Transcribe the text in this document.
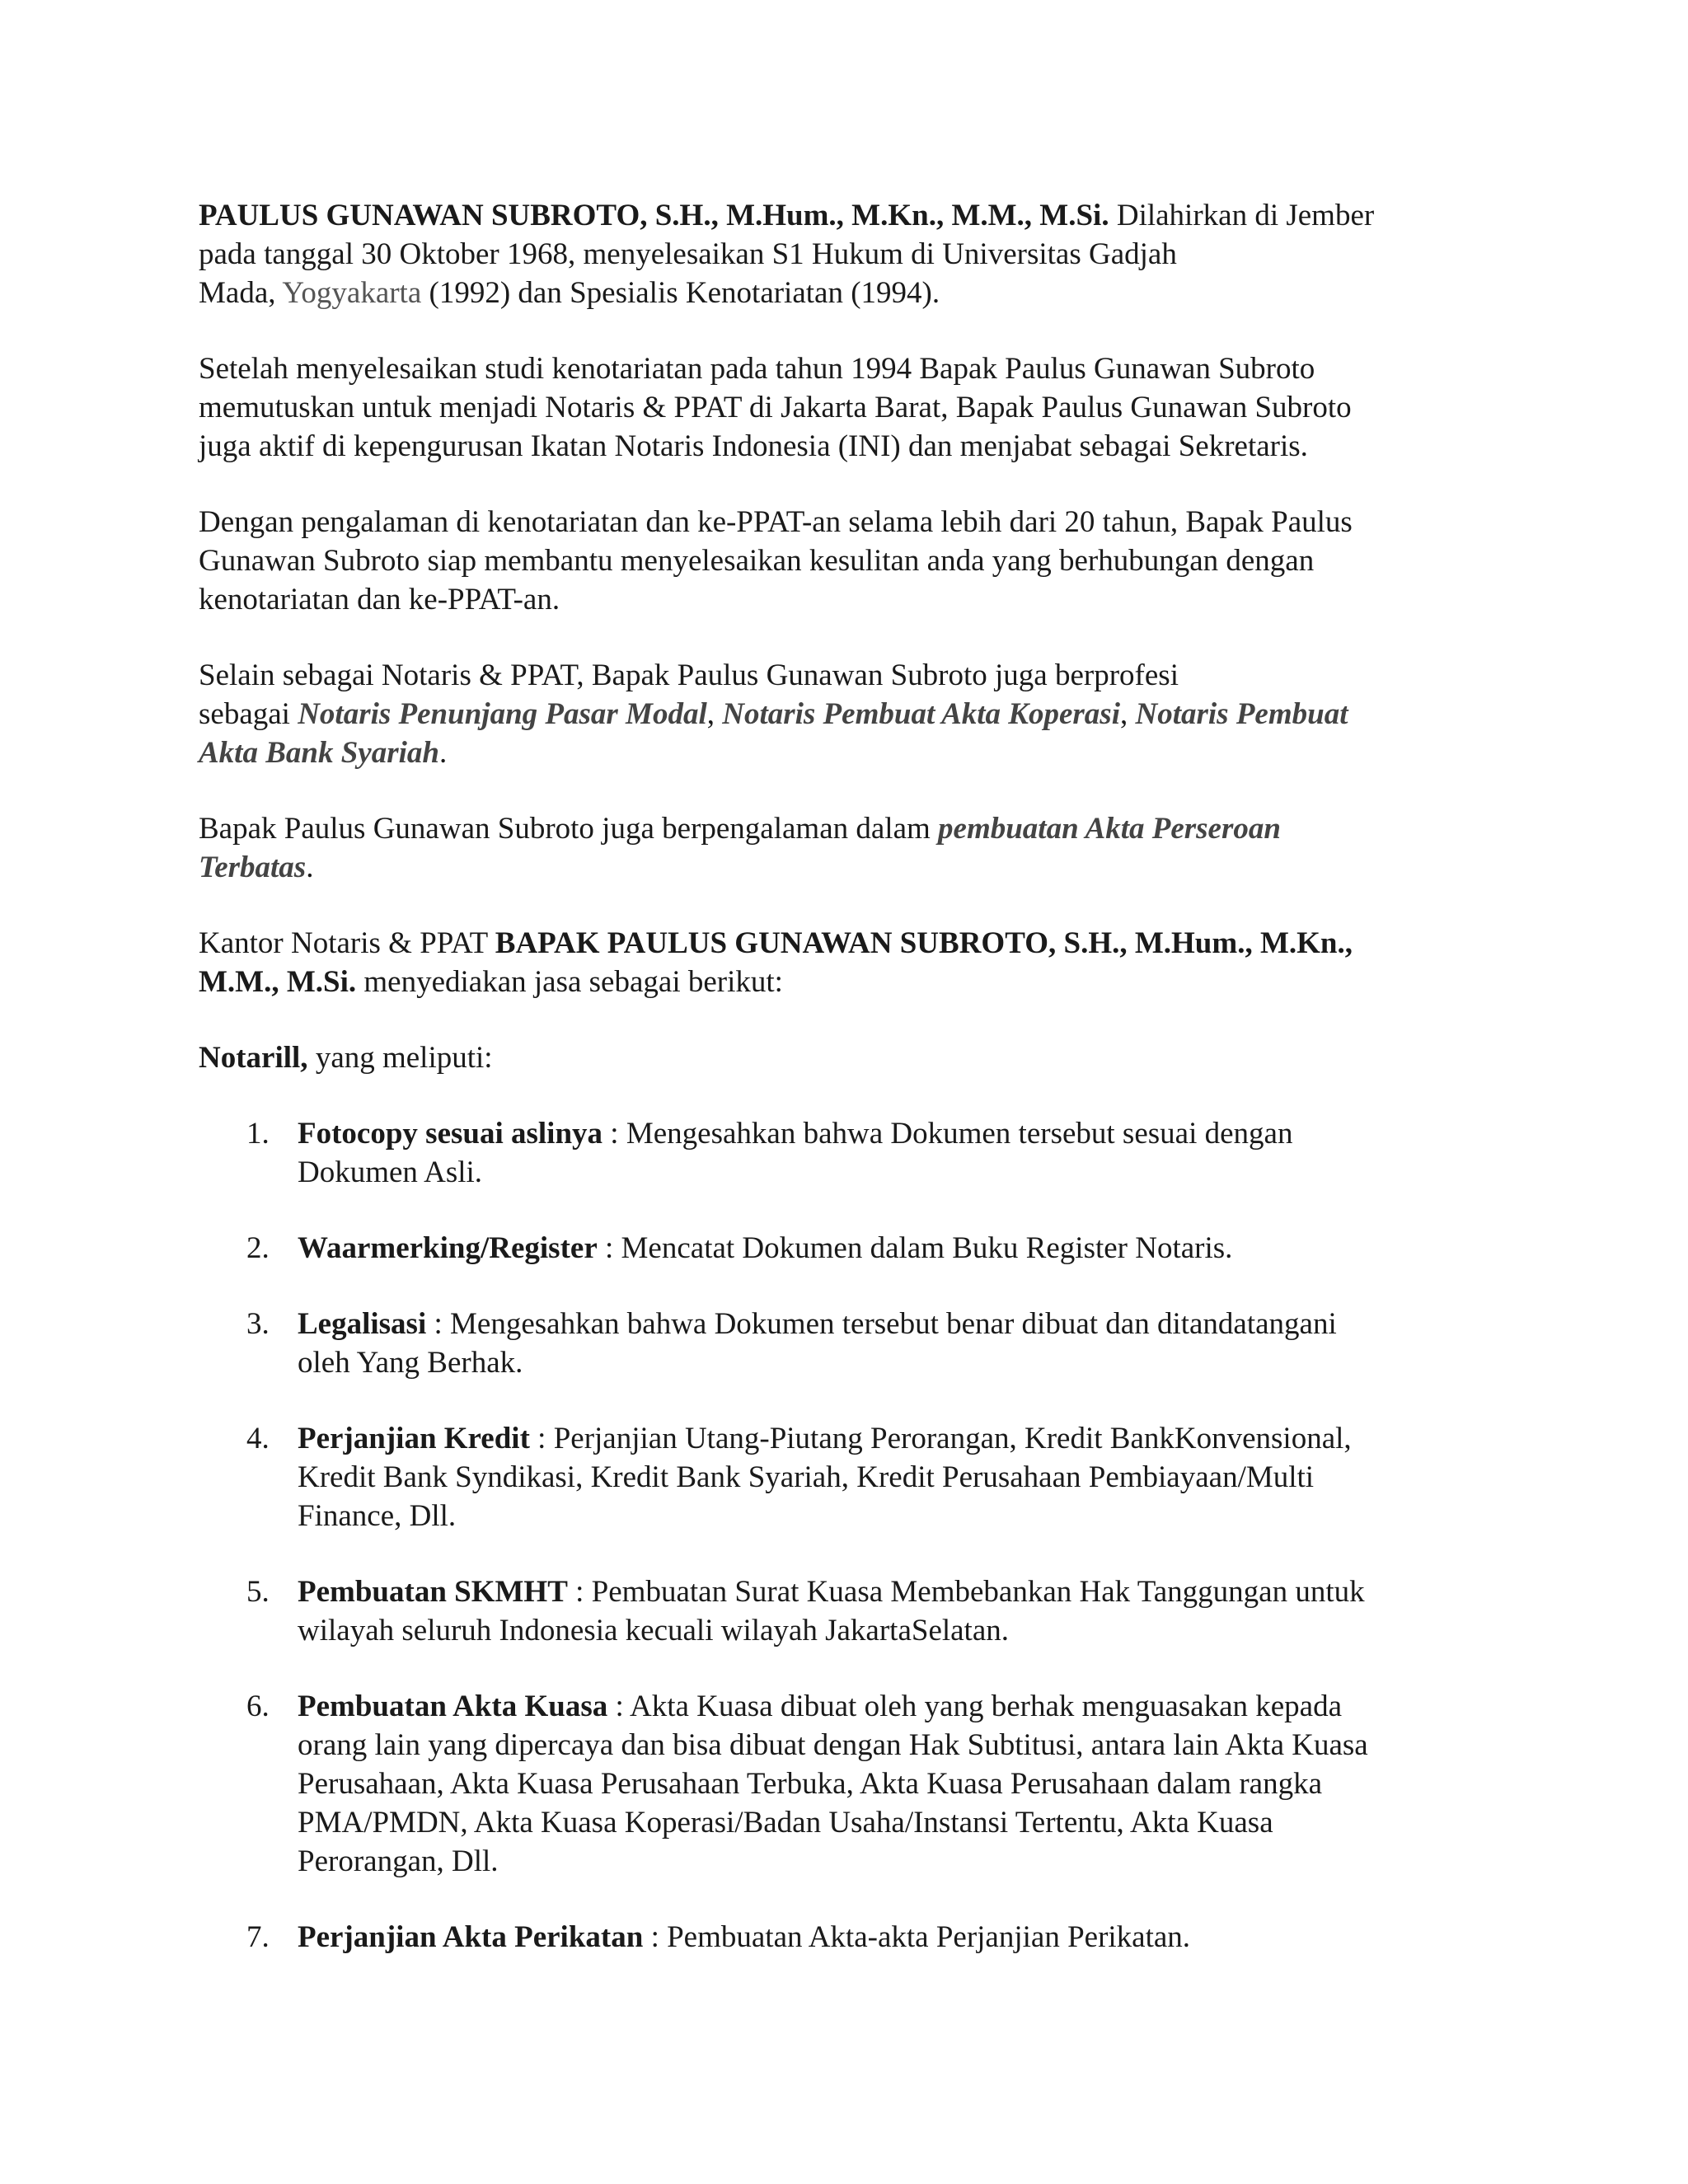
PAULUS GUNAWAN SUBROTO, S.H., M.Hum., M.Kn., M.M., M.Si. Dilahirkan di Jember
pada tanggal 30 Oktober 1968, menyelesaikan S1 Hukum di Universitas Gadjah
Mada, Yogyakarta (1992) dan Spesialis Kenotariatan (1994).

Setelah menyelesaikan studi kenotariatan pada tahun 1994 Bapak Paulus Gunawan Subroto
memutuskan untuk menjadi Notaris & PPAT di Jakarta Barat, Bapak Paulus Gunawan Subroto
juga aktif di kepengurusan Ikatan Notaris Indonesia (INI) dan menjabat sebagai Sekretaris.

Dengan pengalaman di kenotariatan dan ke-PPAT-an selama lebih dari 20 tahun, Bapak Paulus
Gunawan Subroto siap membantu menyelesaikan kesulitan anda yang berhubungan dengan
kenotariatan dan ke-PPAT-an.

Selain sebagai Notaris & PPAT, Bapak Paulus Gunawan Subroto juga berprofesi
sebagai Notaris Penunjang Pasar Modal, Notaris Pembuat Akta Koperasi, Notaris Pembuat
Akta Bank Syariah.

Bapak Paulus Gunawan Subroto juga berpengalaman dalam pembuatan Akta Perseroan
Terbatas.

Kantor Notaris & PPAT BAPAK PAULUS GUNAWAN SUBROTO, S.H., M.Hum., M.Kn.,
M.M., M.Si. menyediakan jasa sebagai berikut:

Notarill, yang meliputi:

1. Fotocopy sesuai aslinya : Mengesahkan bahwa Dokumen tersebut sesuai dengan
Dokumen Asli.
2. Waarmerking/Register : Mencatat Dokumen dalam Buku Register Notaris.
3. Legalisasi : Mengesahkan bahwa Dokumen tersebut benar dibuat dan ditandatangani
oleh Yang Berhak.
4. Perjanjian Kredit : Perjanjian Utang-Piutang Perorangan, Kredit BankKonvensional,
Kredit Bank Syndikasi, Kredit Bank Syariah, Kredit Perusahaan Pembiayaan/Multi
Finance, Dll.
5. Pembuatan SKMHT : Pembuatan Surat Kuasa Membebankan Hak Tanggungan untuk
wilayah seluruh Indonesia kecuali wilayah JakartaSelatan.
6. Pembuatan Akta Kuasa : Akta Kuasa dibuat oleh yang berhak menguasakan kepada
orang lain yang dipercaya dan bisa dibuat dengan Hak Subtitusi, antara lain Akta Kuasa
Perusahaan, Akta Kuasa Perusahaan Terbuka, Akta Kuasa Perusahaan dalam rangka
PMA/PMDN, Akta Kuasa Koperasi/Badan Usaha/Instansi Tertentu, Akta Kuasa
Perorangan, Dll.
7. Perjanjian Akta Perikatan : Pembuatan Akta-akta Perjanjian Perikatan.
